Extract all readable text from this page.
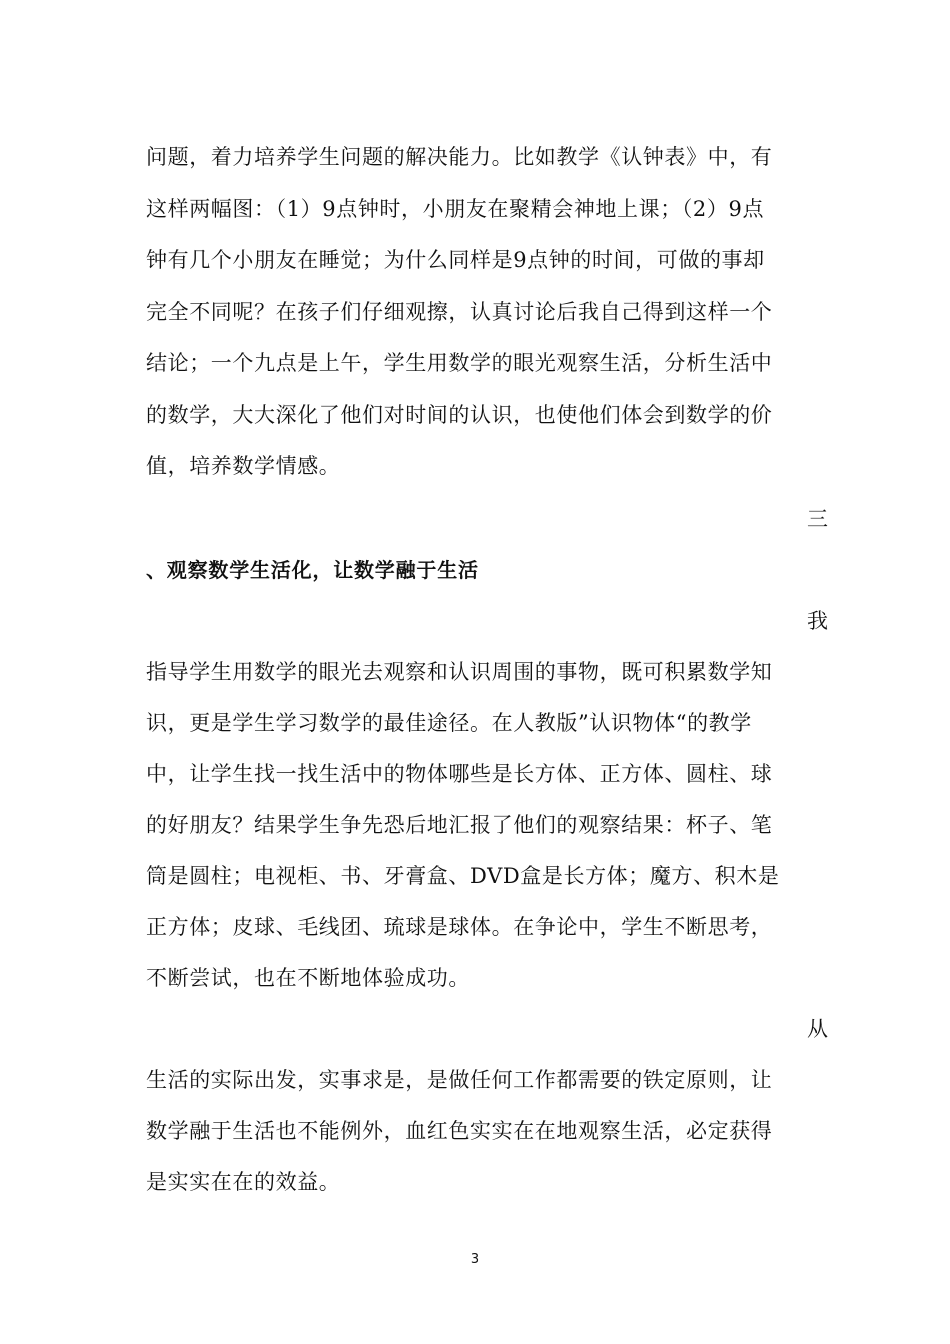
问题，着力培养学生问题的解决能力。比如教学《认钟表》中，有
这样两幅图：（1）9点钟时，小朋友在聚精会神地上课；（2）9点
钟有几个小朋友在睡觉；为什么同样是9点钟的时间，可做的事却
完全不同呢？在孩子们仔细观擦，认真讨论后我自己得到这样一个
结论；一个九点是上午，学生用数学的眼光观察生活，分析生活中
的数学，大大深化了他们对时间的认识，也使他们体会到数学的价
值，培养数学情感。
三
、观察数学生活化，让数学融于生活
我
指导学生用数学的眼光去观察和认识周围的事物，既可积累数学知
识，更是学生学习数学的最佳途径。在人教版”认识物体“的教学
中，让学生找一找生活中的物体哪些是长方体、正方体、圆柱、球
的好朋友？结果学生争先恐后地汇报了他们的观察结果：杯子、笔
筒是圆柱；电视柜、书、牙膏盒、DVD盒是长方体；魔方、积木是
正方体；皮球、毛线团、琉球是球体。在争论中，学生不断思考，
不断尝试，也在不断地体验成功。
从
生活的实际出发，实事求是，是做任何工作都需要的铁定原则，让
数学融于生活也不能例外，血红色实实在在地观察生活，必定获得
是实实在在的效益。
3
